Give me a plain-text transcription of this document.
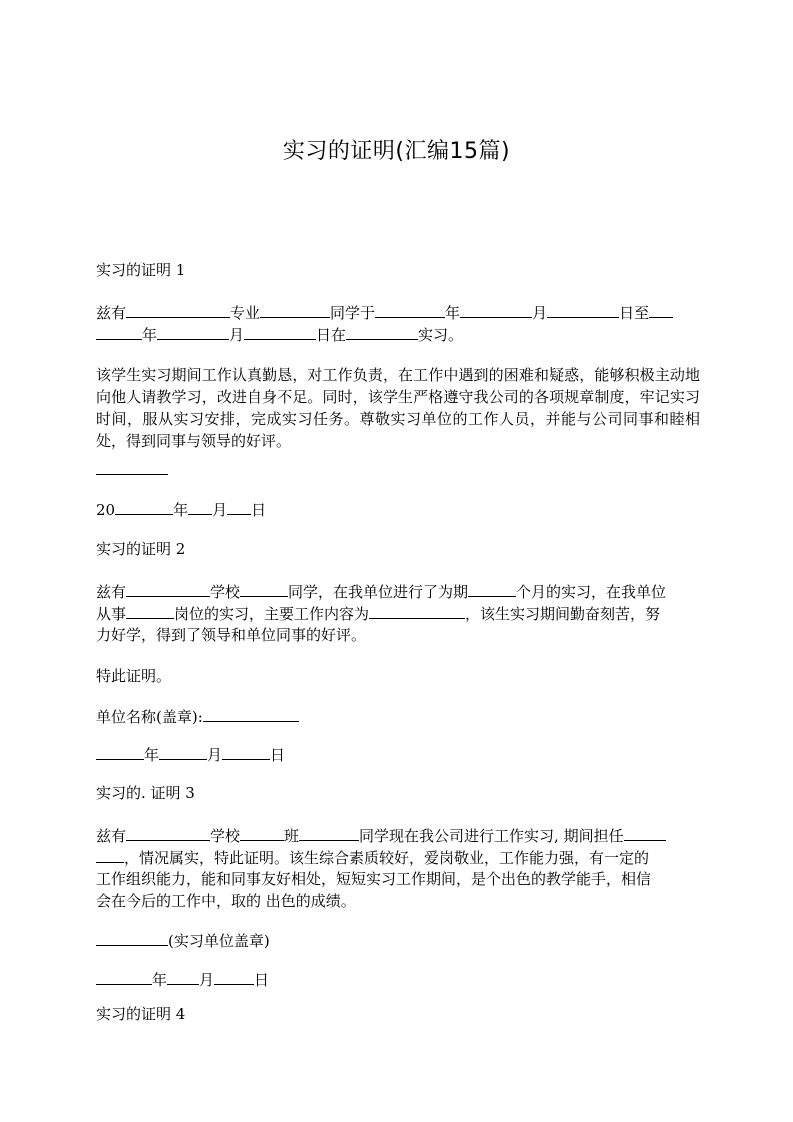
实习的证明(汇编15篇)
实习的证明 1
兹有	专业	同学于	年	月	日至
年	月	日在	实习。
该学生实习期间工作认真勤恳，对工作负责，在工作中遇到的困难和疑惑，能够积极主动地向他人请教学习，改进自身不足。同时，该学生严格遵守我公司的各项规章制度，牢记实习时间，服从实习安排，完成实习任务。尊敬实习单位的工作人员，并能与公司同事和睦相处，得到同事与领导的好评。
20	年 月 日
实习的证明 2
兹有	学校	同学，在我单位进行了为期	个月的实习，在我单位
从事	岗位的实习，主要工作内容为	，该生实习期间勤奋刻苦，努
力好学，得到了领导和单位同事的好评。
特此证明。
单位名称(盖章):
年	月	日
实习的. 证明 3
兹有	学校	班	同学现在我公司进行工作实习, 期间担任
，情况属实，特此证明。该生综合素质较好，爱岗敬业，工作能力强，有一定的
工作组织能力，能和同事友好相处，短短实习工作期间，是个出色的教学能手，相信
会在今后的工作中，取的 出色的成绩。
(实习单位盖章)
年 月	日
实习的证明 4
